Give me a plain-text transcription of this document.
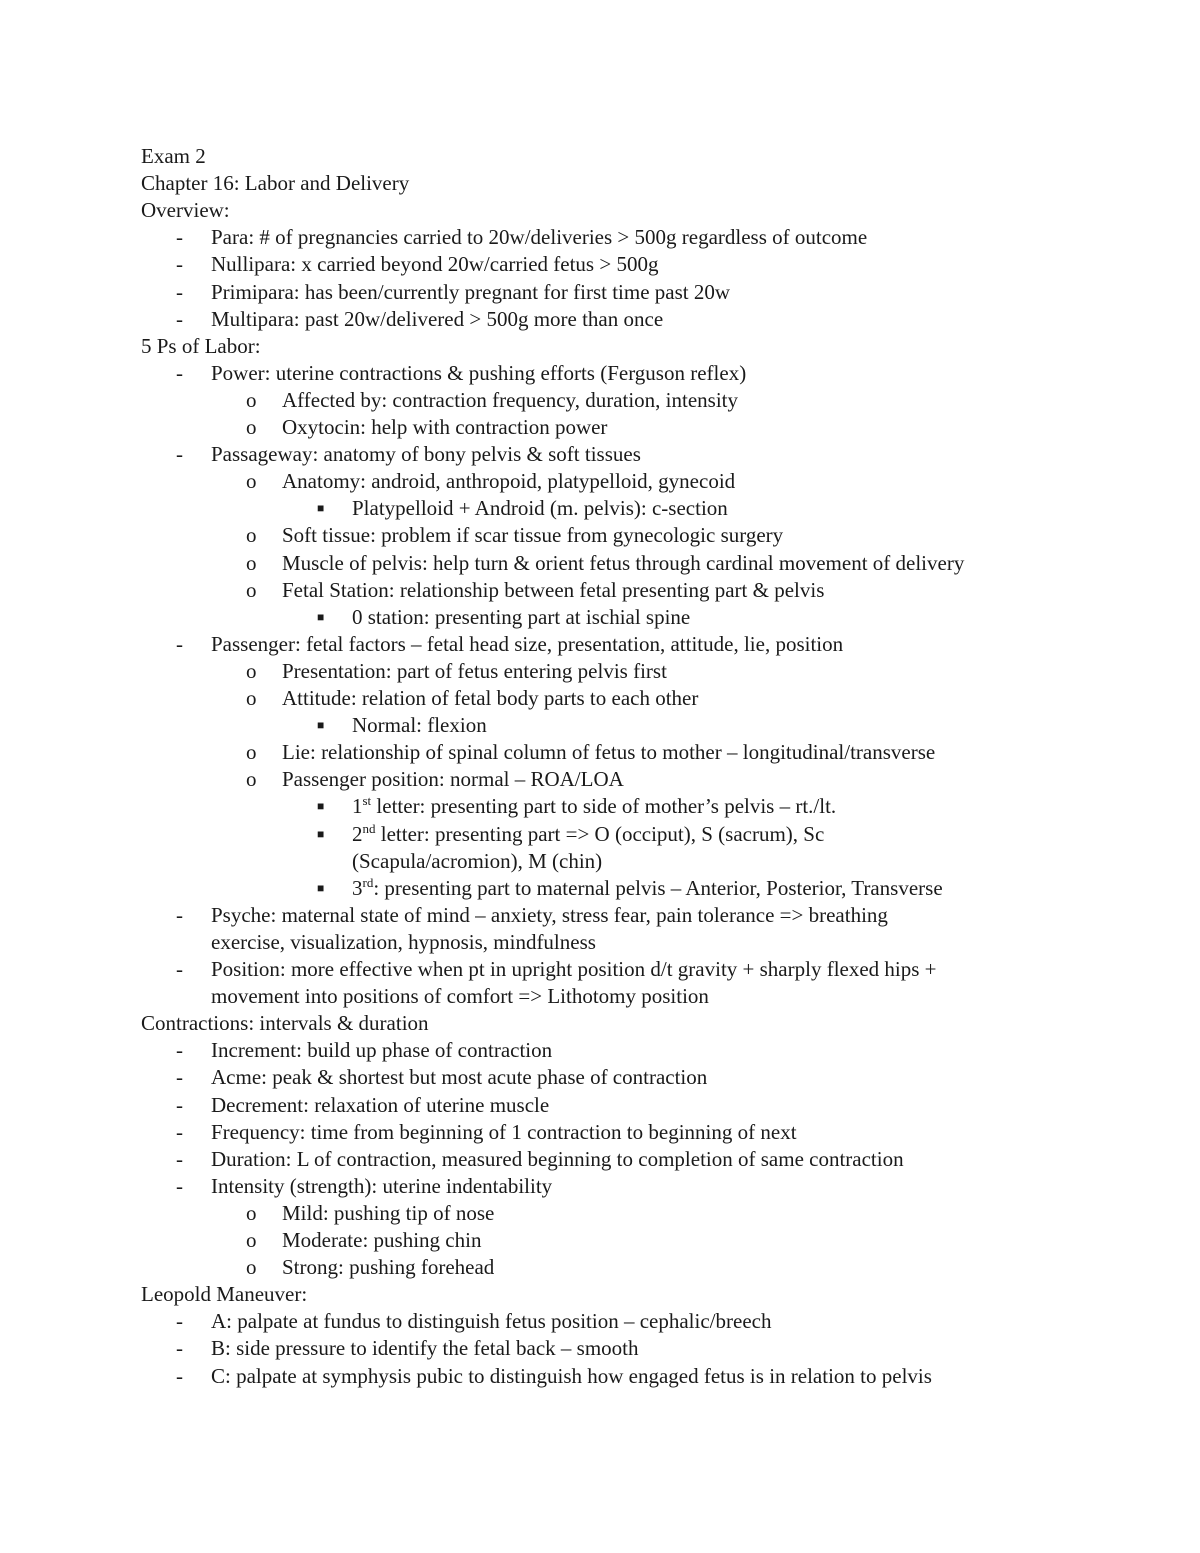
Exam 2
Chapter 16: Labor and Delivery
Overview:
- Para: # of pregnancies carried to 20w/deliveries > 500g regardless of outcome
- Nullipara: x carried beyond 20w/carried fetus > 500g
- Primipara: has been/currently pregnant for first time past 20w
- Multipara: past 20w/delivered > 500g more than once
5 Ps of Labor:
- Power: uterine contractions & pushing efforts (Ferguson reflex)
o Affected by: contraction frequency, duration, intensity
o Oxytocin: help with contraction power
- Passageway: anatomy of bony pelvis & soft tissues
o Anatomy: android, anthropoid, platypelloid, gynecoid
■ Platypelloid + Android (m. pelvis): c-section
o Soft tissue: problem if scar tissue from gynecologic surgery
o Muscle of pelvis: help turn & orient fetus through cardinal movement of delivery
o Fetal Station: relationship between fetal presenting part & pelvis
■ 0 station: presenting part at ischial spine
- Passenger: fetal factors – fetal head size, presentation, attitude, lie, position
o Presentation: part of fetus entering pelvis first
o Attitude: relation of fetal body parts to each other
■ Normal: flexion
o Lie: relationship of spinal column of fetus to mother – longitudinal/transverse
o Passenger position: normal – ROA/LOA
■ 1st letter: presenting part to side of mother’s pelvis – rt./lt.
■ 2nd letter: presenting part => O (occiput), S (sacrum), Sc
(Scapula/acromion), M (chin)
■ 3rd: presenting part to maternal pelvis – Anterior, Posterior, Transverse
- Psyche: maternal state of mind – anxiety, stress fear, pain tolerance => breathing
exercise, visualization, hypnosis, mindfulness
- Position: more effective when pt in upright position d/t gravity + sharply flexed hips +
movement into positions of comfort => Lithotomy position
Contractions: intervals & duration
- Increment: build up phase of contraction
- Acme: peak & shortest but most acute phase of contraction
- Decrement: relaxation of uterine muscle
- Frequency: time from beginning of 1 contraction to beginning of next
- Duration: L of contraction, measured beginning to completion of same contraction
- Intensity (strength): uterine indentability
o Mild: pushing tip of nose
o Moderate: pushing chin
o Strong: pushing forehead
Leopold Maneuver:
- A: palpate at fundus to distinguish fetus position – cephalic/breech
- B: side pressure to identify the fetal back – smooth
- C: palpate at symphysis pubic to distinguish how engaged fetus is in relation to pelvis
